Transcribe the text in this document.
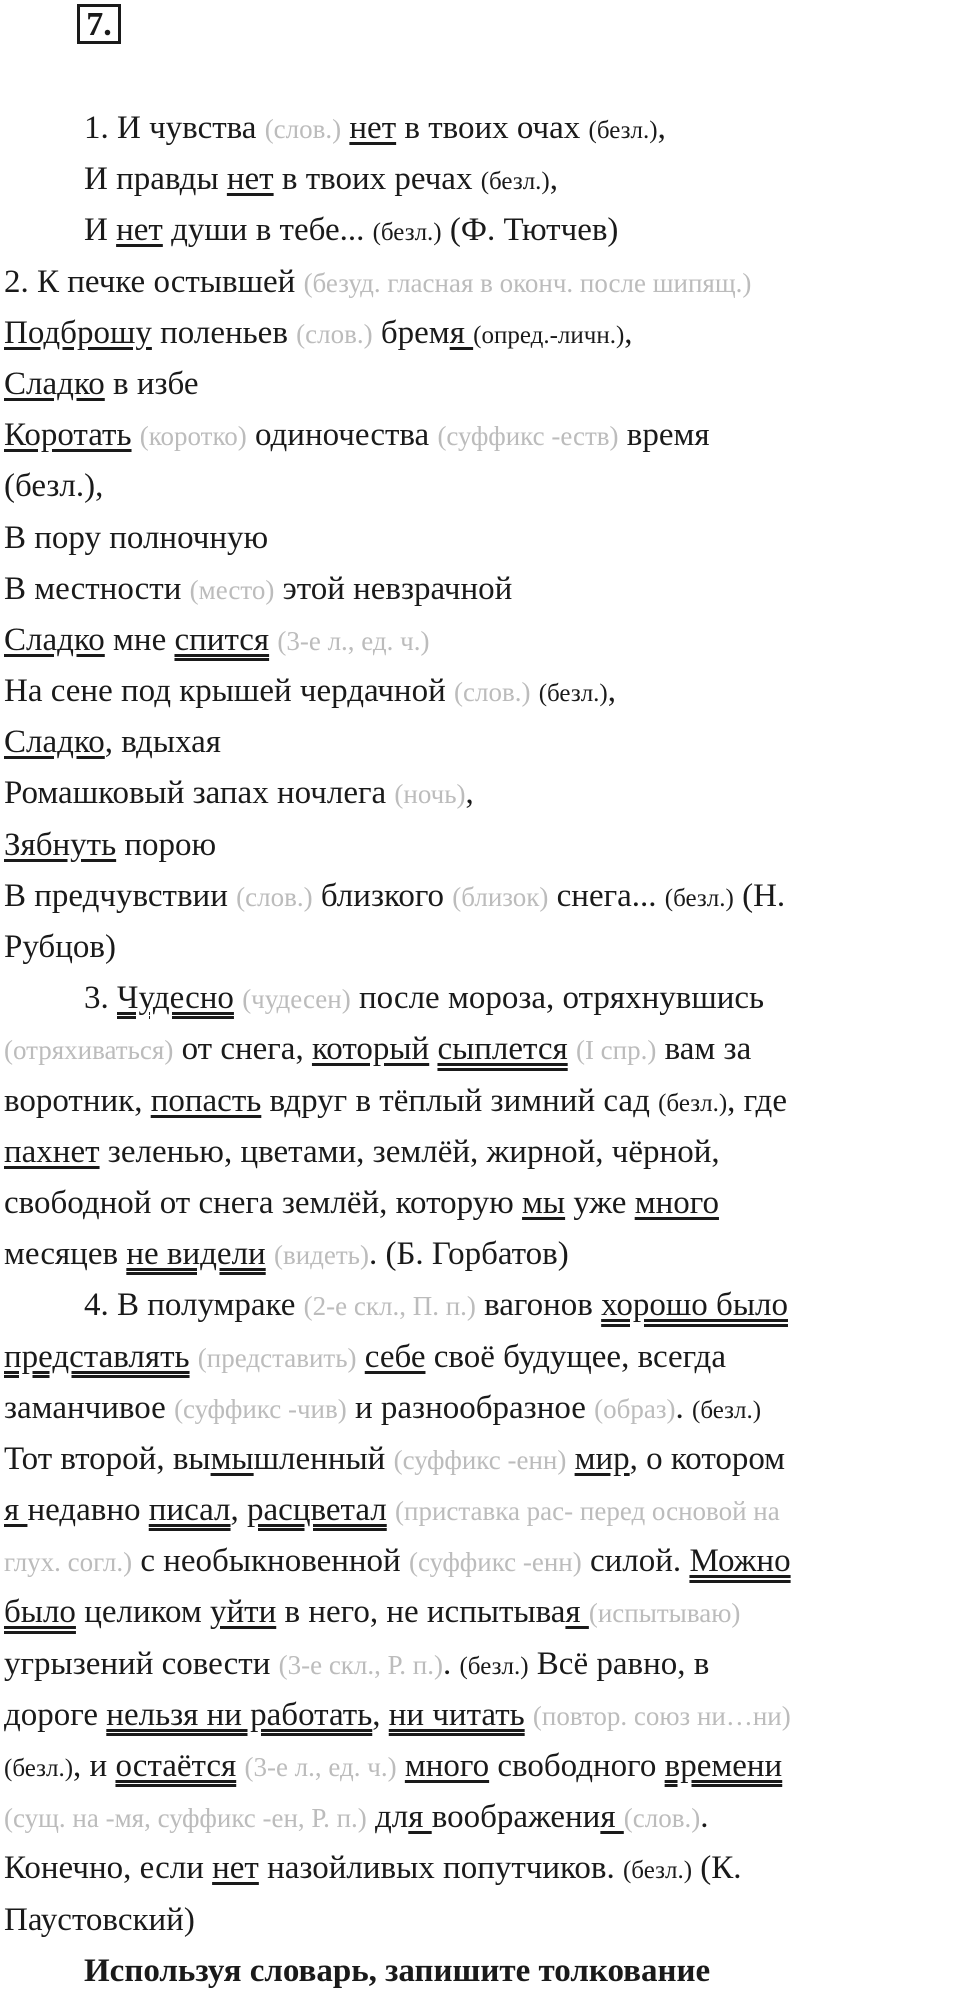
7.
1. И чувства (слов.) нет в твоих очах (безл.),
И правды нет в твоих речах (безл.),
И нет души в тебе... (безл.) (Ф. Тютчев)
2. К печке остывшей (безуд. гласная в оконч. после шипящ.)
Подброшу поленьев (слов.) бремя (опред.-личн.),
Сладко в избе
Коротать (коротко) одиночества (суффикс -еств) время
(безл.),
В пору полночную
В местности (место) этой невзрачной
Сладко мне спится (3-е л., ед. ч.)
На сене под крышей чердачной (слов.) (безл.),
Сладко, вдыхая
Ромашковый запах ночлега (ночь),
Зябнуть порою
В предчувствии (слов.) близкого (близок) снега... (безл.) (Н.
Рубцов)
3. Чудесно (чудесен) после мороза, отряхнувшись
(отряхиваться) от снега, который сыплется (I спр.) вам за
воротник, попасть вдруг в тёплый зимний сад (безл.), где
пахнет зеленью, цветами, землёй, жирной, чёрной,
свободной от снега землёй, которую мы уже много
месяцев не видели (видеть). (Б. Горбатов)
4. В полумраке (2-е скл., П. п.) вагонов хорошо было
представлять (представить) себе своё будущее, всегда
заманчивое (суффикс -чив) и разнообразное (образ). (безл.)
Тот второй, вымышленный (суффикс -енн) мир, о котором
я недавно писал, расцветал (приставка рас- перед основой на
глух. согл.) с необыкновенной (суффикс -енн) силой. Можно
было целиком уйти в него, не испытывая (испытываю)
угрызений совести (3-е скл., Р. п.). (безл.) Всё равно, в
дороге нельзя ни работать, ни читать (повтор. союз ни…ни)
(безл.), и остаётся (3-е л., ед. ч.) много свободного времени
(сущ. на -мя, суффикс -ен, Р. п.) для воображения (слов.).
Конечно, если нет назойливых попутчиков. (безл.) (К.
Паустовский)
Используя словарь, запишите толкование
